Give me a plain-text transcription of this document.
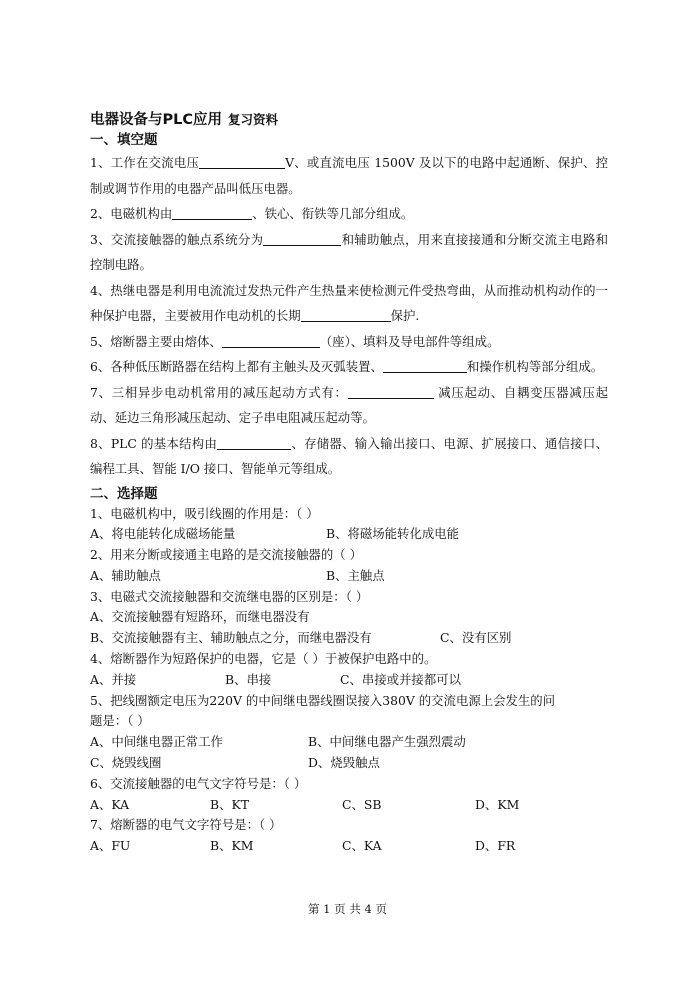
电器设备与PLC应用 复习资料

一、填空题

1、工作在交流电压	V、或直流电压 1500V 及以下的电路中起通断、保护、控制或调节作用的电器产品叫低压电器。

2、电磁机构由	、铁心、衔铁等几部分组成。

3、交流接触器的触点系统分为	和辅助触点，用来直接接通和分断交流主电路和控制电路。

4、热继电器是利用电流流过发热元件产生热量来使检测元件受热弯曲，从而推动机构动作的一种保护电器，主要被用作电动机的长期	保护.

5、熔断器主要由熔体、	（座）、填料及导电部件等组成。

6、各种低压断路器在结构上都有主触头及灭弧装置、	和操作机构等部分组成。

7、三相异步电动机常用的减压起动方式有：	减压起动、自耦变压器减压起动、延边三角形减压起动、定子串电阻减压起动等。

8、PLC 的基本结构由	、存储器、输入输出接口、电源、扩展接口、通信接口、编程工具、智能 I/O 接口、智能单元等组成。

二、选择题

1、电磁机构中，吸引线圈的作用是：（ ）

A、将电能转化成磁场能量	B、将磁场能转化成电能

2、用来分断或接通主电路的是交流接触器的（ ）

A、辅助触点	B、主触点

3、电磁式交流接触器和交流继电器的区别是：（ ）

A、交流接触器有短路环，而继电器没有
B、交流接触器有主、辅助触点之分，而继电器没有	C、没有区别

4、熔断器作为短路保护的电器，它是（ ）于被保护电路中的。

A、并接	B、串接	C、串接或并接都可以

5、把线圈额定电压为220V 的中间继电器线圈误接入380V 的交流电源上会发生的问

题是：（ ）

A、中间继电器正常工作	B、中间继电器产生强烈震动
C、烧毁线圈	D、烧毁触点

6、交流接触器的电气文字符号是：（ ）

A、KA	B、KT	C、SB	D、KM

7、熔断器的电气文字符号是：（ ）

A、FU	B、KM	C、KA	D、FR
第 1 页 共 4 页
